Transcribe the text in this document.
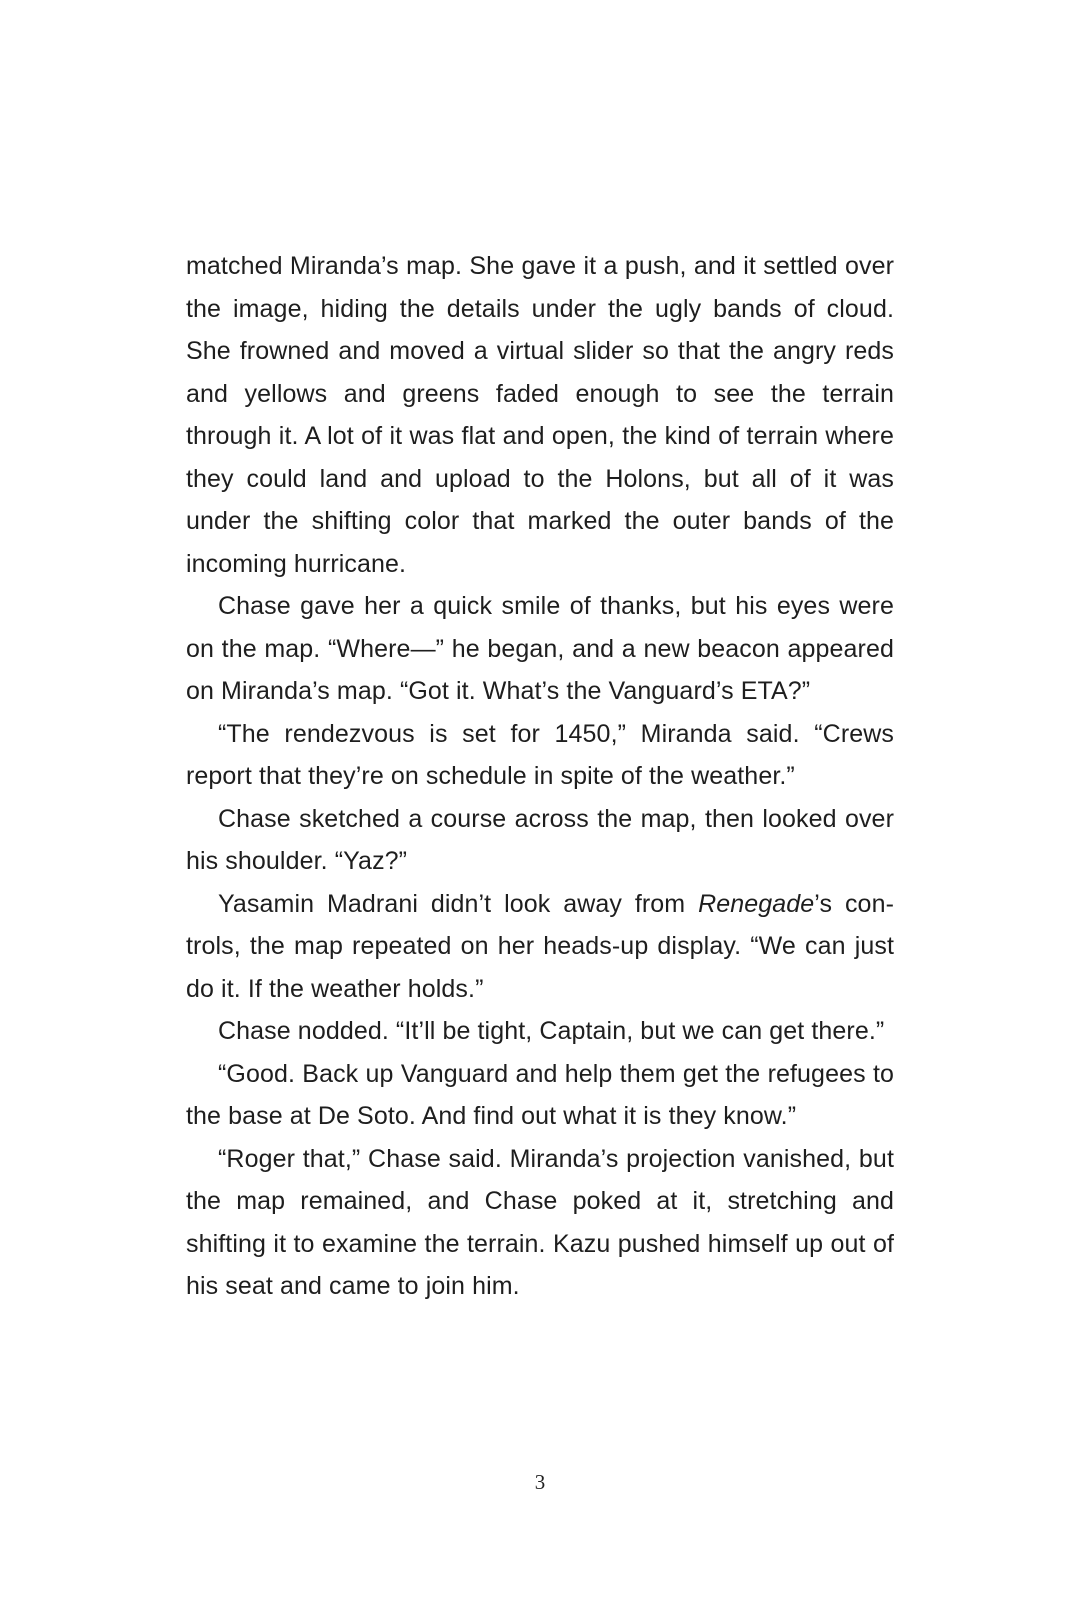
matched Miranda’s map. She gave it a push, and it settled over the image, hiding the details under the ugly bands of cloud. She frowned and moved a virtual slider so that the angry reds and yellows and greens faded enough to see the terrain through it. A lot of it was flat and open, the kind of terrain where they could land and upload to the Holons, but all of it was under the shifting color that marked the outer bands of the incoming hurricane.

Chase gave her a quick smile of thanks, but his eyes were on the map. “Where—” he began, and a new beacon appeared on Miranda’s map. “Got it. What’s the Vanguard’s ETA?”

“The rendezvous is set for 1450,” Miranda said. “Crews report that they’re on schedule in spite of the weather.”

Chase sketched a course across the map, then looked over his shoulder. “Yaz?”

Yasamin Madrani didn’t look away from Renegade’s con-trols, the map repeated on her heads-up display. “We can just do it. If the weather holds.”

Chase nodded. “It’ll be tight, Captain, but we can get there.”

“Good. Back up Vanguard and help them get the refugees to the base at De Soto. And find out what it is they know.”

“Roger that,” Chase said. Miranda’s projection vanished, but the map remained, and Chase poked at it, stretching and shifting it to examine the terrain. Kazu pushed himself up out of his seat and came to join him.

3
